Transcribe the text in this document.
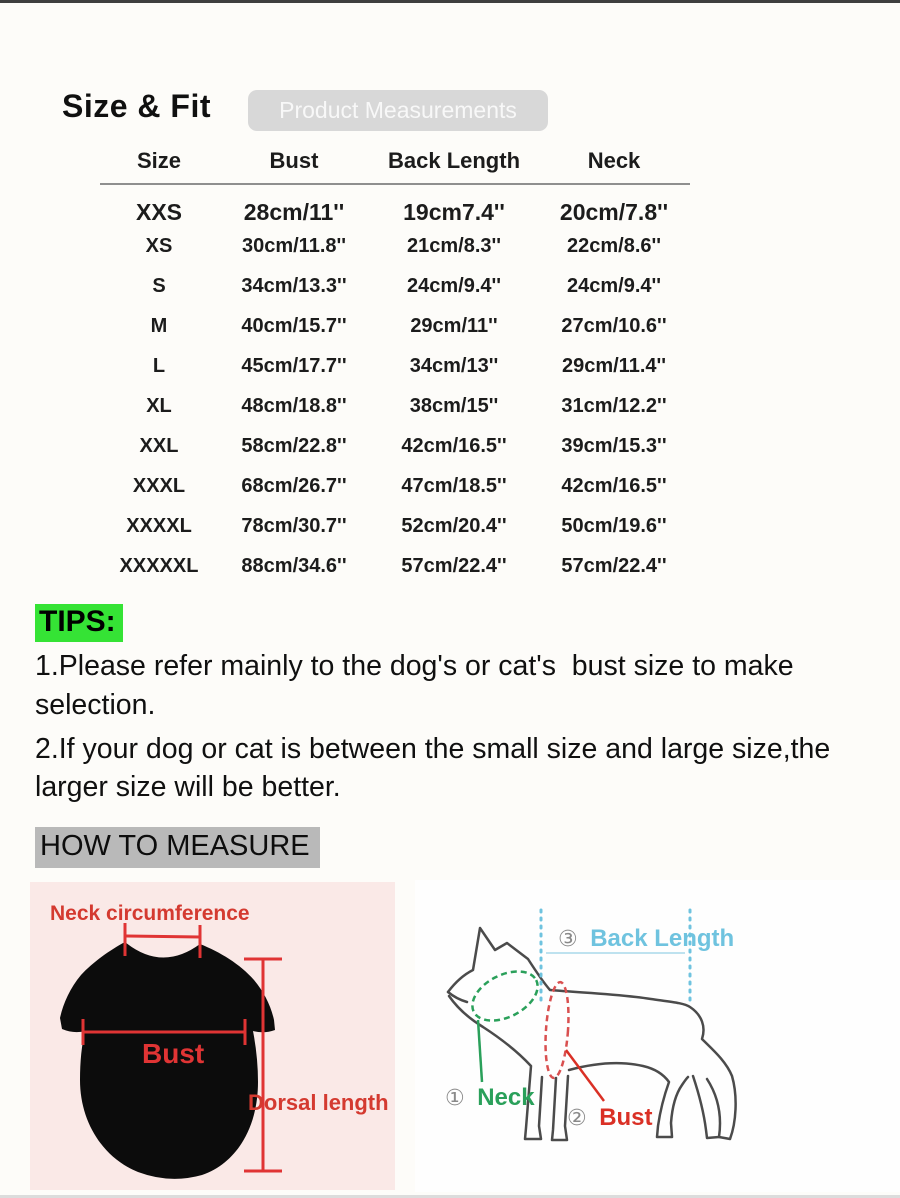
Size & Fit	Product Measurements
Size	Bust	Back Length	Neck
XXS	28cm/11''	19cm7.4''	20cm/7.8''
XS	30cm/11.8''	21cm/8.3''	22cm/8.6''
S	34cm/13.3''	24cm/9.4''	24cm/9.4''
M	40cm/15.7''	29cm/11''	27cm/10.6''
L	45cm/17.7''	34cm/13''	29cm/11.4''
XL	48cm/18.8''	38cm/15''	31cm/12.2''
XXL	58cm/22.8''	42cm/16.5''	39cm/15.3''
XXXL	68cm/26.7''	47cm/18.5''	42cm/16.5''
XXXXL	78cm/30.7''	52cm/20.4''	50cm/19.6''
XXXXXL	88cm/34.6''	57cm/22.4''	57cm/22.4''
TIPS:

1.Please refer mainly to the dog's or cat's  bust size to make selection.

2.If your dog or cat is between the small size and large size,the larger size will be better.

HOW TO MEASURE
Neck circumference
Bust
Dorsal length
③ Back Length
① Neck
② Bust
